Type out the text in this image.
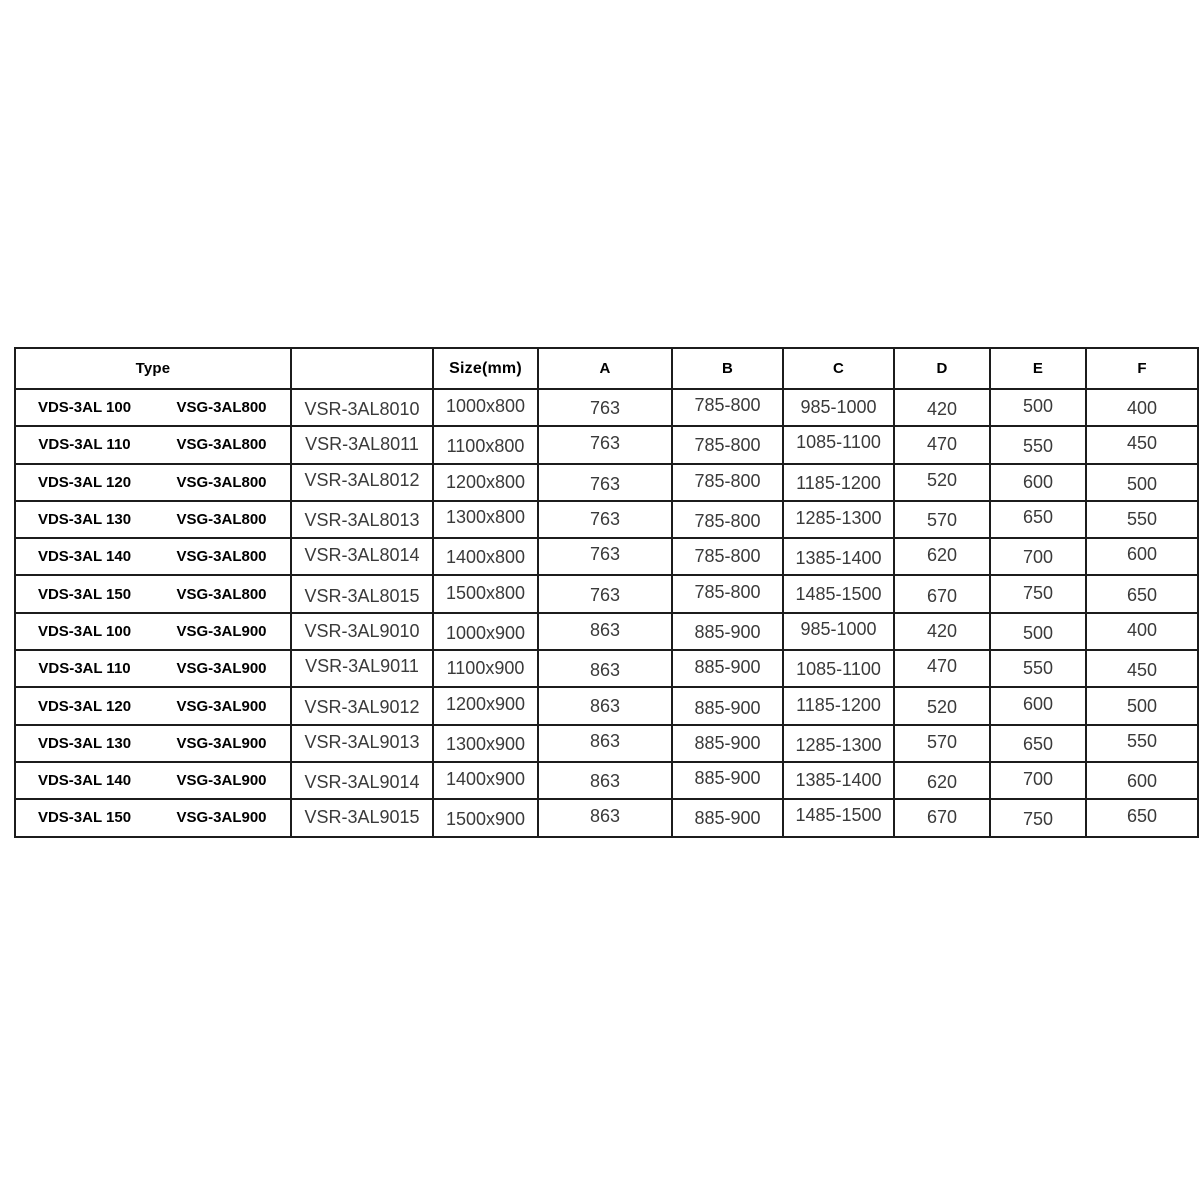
Type		Size(mm)	A	B	C	D	E	F

VDS-3AL 100 VSG-3AL800	VSR-3AL8010	1000x800	763	785-800	985-1000	420	500	400

VDS-3AL 110 VSG-3AL800	VSR-3AL8011	1100x800	763	785-800	1085-1100	470	550	450

VDS-3AL 120 VSG-3AL800	VSR-3AL8012	1200x800	763	785-800	1185-1200	520	600	500

VDS-3AL 130 VSG-3AL800	VSR-3AL8013	1300x800	763	785-800	1285-1300	570	650	550

VDS-3AL 140 VSG-3AL800	VSR-3AL8014	1400x800	763	785-800	1385-1400	620	700	600

VDS-3AL 150 VSG-3AL800	VSR-3AL8015	1500x800	763	785-800	1485-1500	670	750	650

VDS-3AL 100 VSG-3AL900	VSR-3AL9010	1000x900	863	885-900	985-1000	420	500	400

VDS-3AL 110 VSG-3AL900	VSR-3AL9011	1100x900	863	885-900	1085-1100	470	550	450

VDS-3AL 120 VSG-3AL900	VSR-3AL9012	1200x900	863	885-900	1185-1200	520	600	500

VDS-3AL 130 VSG-3AL900	VSR-3AL9013	1300x900	863	885-900	1285-1300	570	650	550

VDS-3AL 140 VSG-3AL900	VSR-3AL9014	1400x900	863	885-900	1385-1400	620	700	600

VDS-3AL 150 VSG-3AL900	VSR-3AL9015	1500x900	863	885-900	1485-1500	670	750	650
